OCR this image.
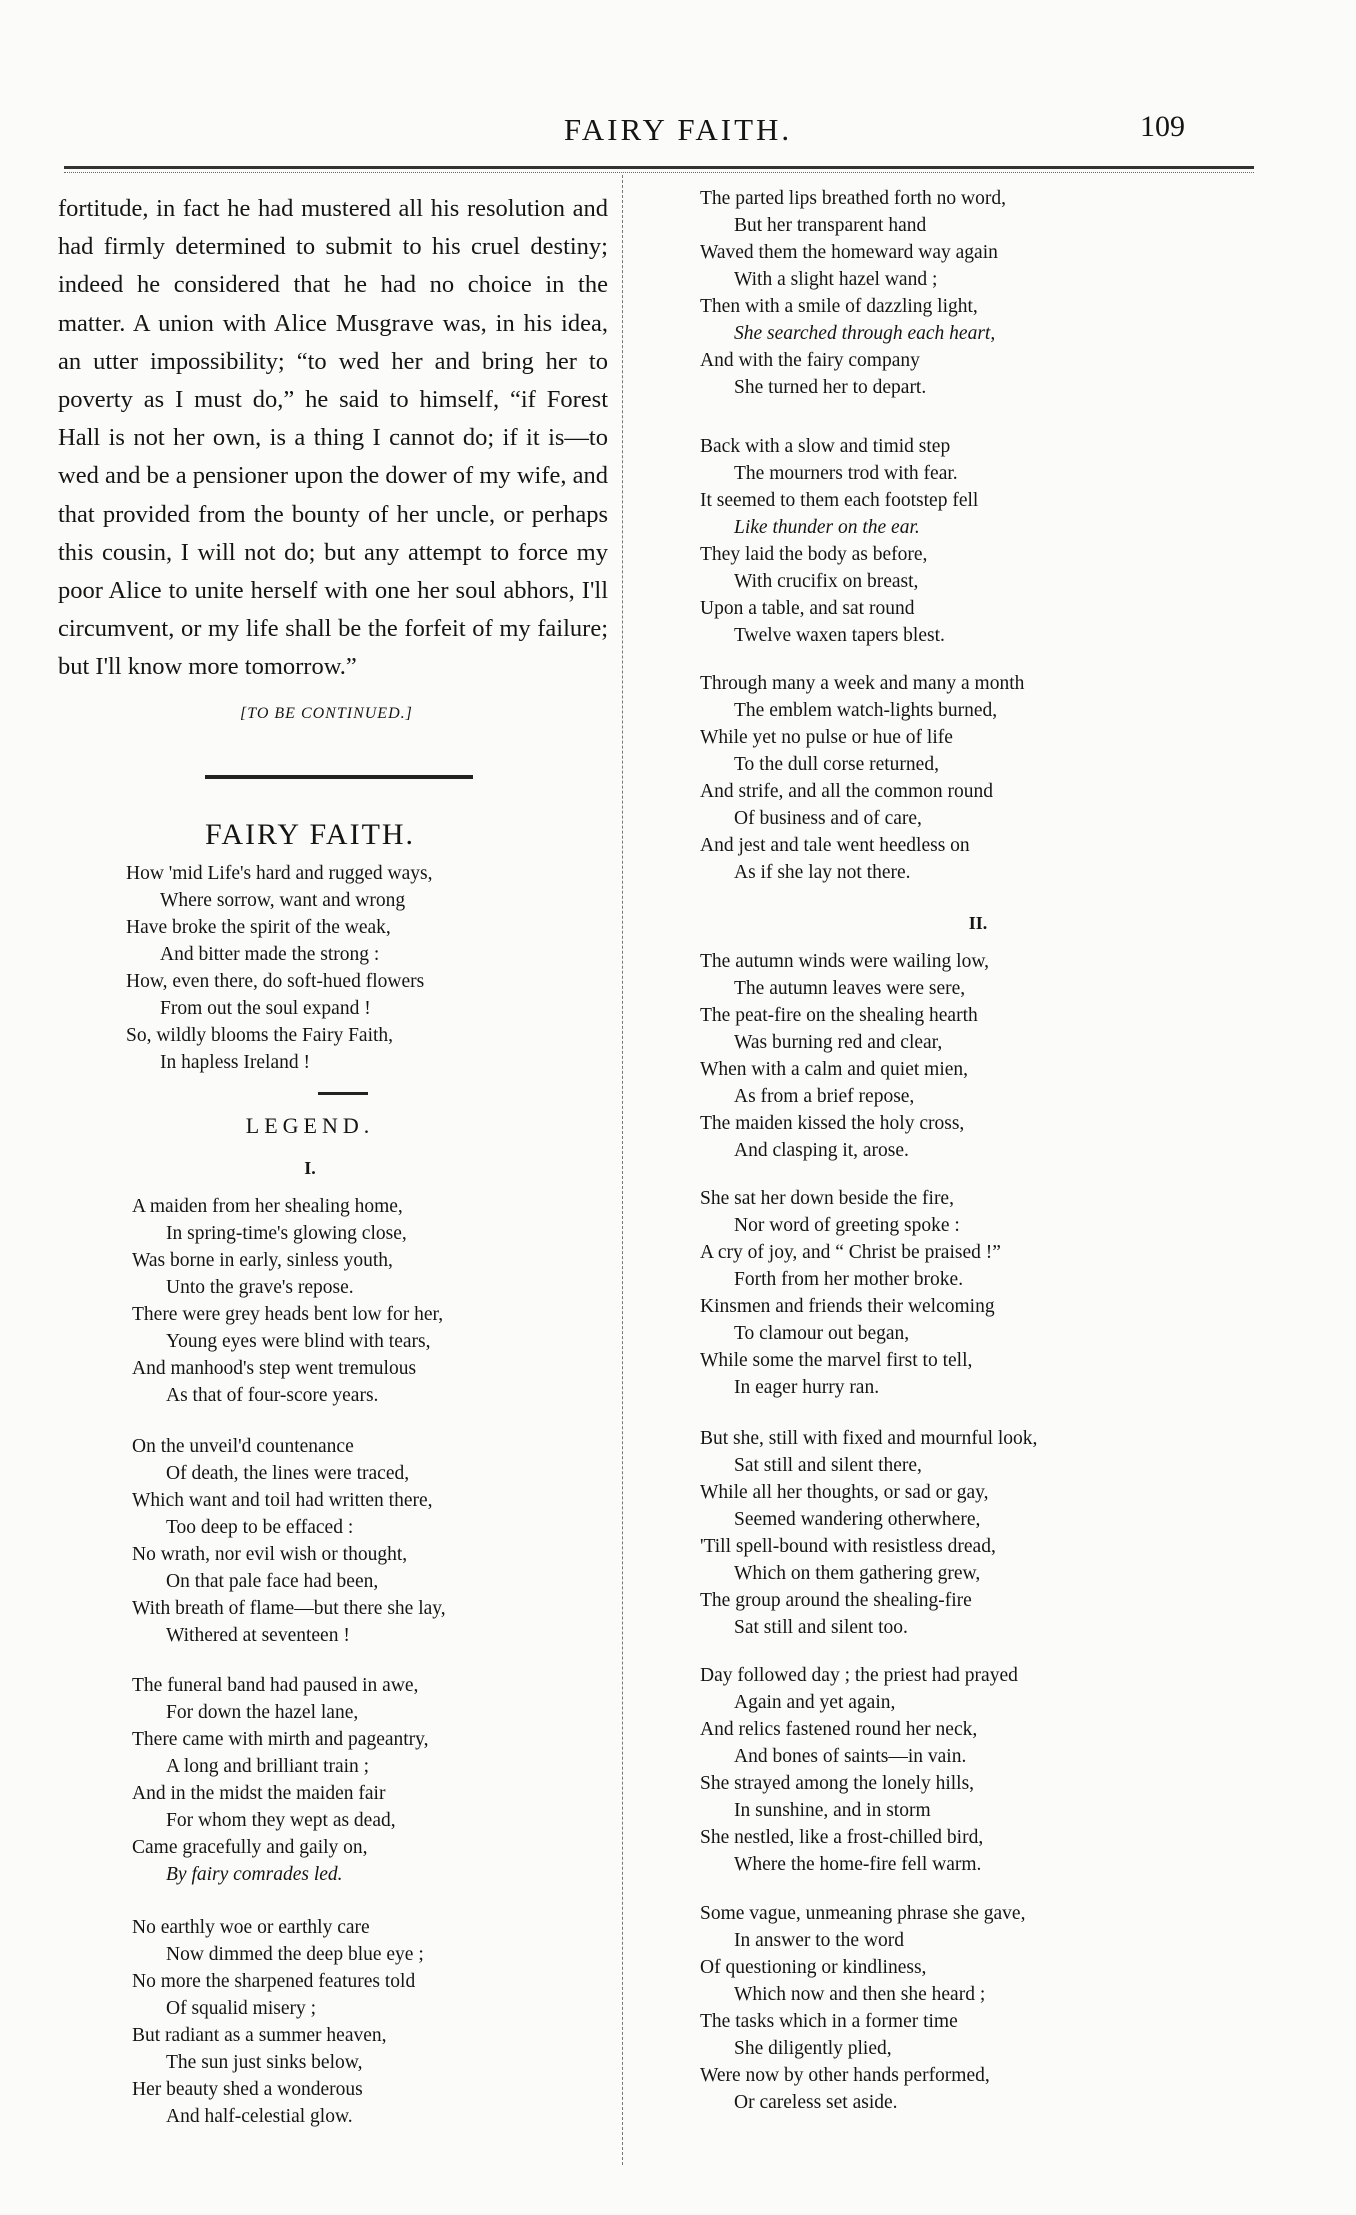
FAIRY FAITH.	109

fortitude, in fact he had mustered all his resolution and had firmly determined to submit to his cruel destiny; indeed he considered that he had no choice in the matter. A union with Alice Musgrave was, in his idea, an utter impossibility; “to wed her and bring her to poverty as I must do,” he said to himself, “if Forest Hall is not her own, is a thing I cannot do; if it is—to wed and be a pensioner upon the dower of my wife, and that provided from the bounty of her uncle, or perhaps this cousin, I will not do; but any attempt to force my poor Alice to unite herself with one her soul abhors, I'll circumvent, or my life shall be the forfeit of my failure; but I'll know more tomorrow.”

[TO BE CONTINUED.]
FAIRY FAITH.
How 'mid Life's hard and rugged ways,
Where sorrow, want and wrong
Have broke the spirit of the weak,
And bitter made the strong :
How, even there, do soft-hued flowers
From out the soul expand !
So, wildly blooms the Fairy Faith,
In hapless Ireland !
LEGEND.
I.
II.
A maiden from her shealing home,
In spring-time's glowing close,
Was borne in early, sinless youth,
Unto the grave's repose.
There were grey heads bent low for her,
Young eyes were blind with tears,
And manhood's step went tremulous
As that of four-score years.
On the unveil'd countenance
Of death, the lines were traced,
Which want and toil had written there,
Too deep to be effaced :
No wrath, nor evil wish or thought,
On that pale face had been,
With breath of flame—but there she lay,
Withered at seventeen !
The funeral band had paused in awe,
For down the hazel lane,
There came with mirth and pageantry,
A long and brilliant train ;
And in the midst the maiden fair
For whom they wept as dead,
Came gracefully and gaily on,
By fairy comrades led.
No earthly woe or earthly care
Now dimmed the deep blue eye ;
No more the sharpened features told
Of squalid misery ;
But radiant as a summer heaven,
The sun just sinks below,
Her beauty shed a wonderous
And half-celestial glow.
The parted lips breathed forth no word,
But her transparent hand
Waved them the homeward way again
With a slight hazel wand ;
Then with a smile of dazzling light,
She searched through each heart,
And with the fairy company
She turned her to depart.
Back with a slow and timid step
The mourners trod with fear.
It seemed to them each footstep fell
Like thunder on the ear.
They laid the body as before,
With crucifix on breast,
Upon a table, and sat round
Twelve waxen tapers blest.
Through many a week and many a month
The emblem watch-lights burned,
While yet no pulse or hue of life
To the dull corse returned,
And strife, and all the common round
Of business and of care,
And jest and tale went heedless on
As if she lay not there.
The autumn winds were wailing low,
The autumn leaves were sere,
The peat-fire on the shealing hearth
Was burning red and clear,
When with a calm and quiet mien,
As from a brief repose,
The maiden kissed the holy cross,
And clasping it, arose.
She sat her down beside the fire,
Nor word of greeting spoke :
A cry of joy, and “ Christ be praised !”
Forth from her mother broke.
Kinsmen and friends their welcoming
To clamour out began,
While some the marvel first to tell,
In eager hurry ran.
But she, still with fixed and mournful look,
Sat still and silent there,
While all her thoughts, or sad or gay,
Seemed wandering otherwhere,
'Till spell-bound with resistless dread,
Which on them gathering grew,
The group around the shealing-fire
Sat still and silent too.
Day followed day ; the priest had prayed
Again and yet again,
And relics fastened round her neck,
And bones of saints—in vain.
She strayed among the lonely hills,
In sunshine, and in storm
She nestled, like a frost-chilled bird,
Where the home-fire fell warm.
Some vague, unmeaning phrase she gave,
In answer to the word
Of questioning or kindliness,
Which now and then she heard ;
The tasks which in a former time
She diligently plied,
Were now by other hands performed,
Or careless set aside.
